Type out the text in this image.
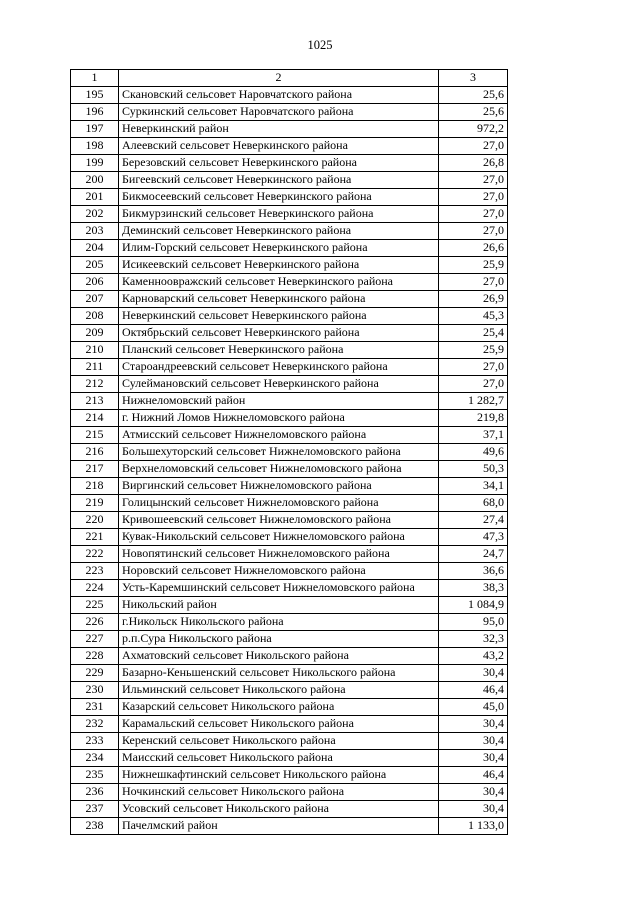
1025
1	2	3
195	Скановский сельсовет Наровчатского района	25,6
196	Суркинский сельсовет Наровчатского района	25,6
197	Неверкинский район	972,2
198	Алеевский сельсовет Неверкинского района	27,0
199	Березовский сельсовет Неверкинского района	26,8
200	Бигеевский сельсовет Неверкинского района	27,0
201	Бикмосеевский сельсовет Неверкинского района	27,0
202	Бикмурзинский сельсовет Неверкинского района	27,0
203	Деминский сельсовет Неверкинского района	27,0
204	Илим-Горский сельсовет Неверкинского района	26,6
205	Исикеевский сельсовет Неверкинского района	25,9
206	Каменноовражский сельсовет Неверкинского района	27,0
207	Карноварский сельсовет Неверкинского района	26,9
208	Неверкинский сельсовет Неверкинского района	45,3
209	Октябрьский сельсовет Неверкинского района	25,4
210	Планский сельсовет Неверкинского района	25,9
211	Староандреевский сельсовет Неверкинского района	27,0
212	Сулеймановский сельсовет Неверкинского района	27,0
213	Нижнеломовский район	1 282,7
214	г. Нижний Ломов Нижнеломовского района	219,8
215	Атмисский сельсовет Нижнеломовского района	37,1
216	Большехуторский сельсовет Нижнеломовского района	49,6
217	Верхнеломовский сельсовет Нижнеломовского района	50,3
218	Виргинский сельсовет Нижнеломовского района	34,1
219	Голицынский сельсовет Нижнеломовского района	68,0
220	Кривошеевский сельсовет Нижнеломовского района	27,4
221	Кувак-Никольский сельсовет Нижнеломовского района	47,3
222	Новопятинский сельсовет Нижнеломовского района	24,7
223	Норовский сельсовет Нижнеломовского района	36,6
224	Усть-Каремшинский сельсовет Нижнеломовского района	38,3
225	Никольский район	1 084,9
226	г.Никольск Никольского района	95,0
227	р.п.Сура Никольского района	32,3
228	Ахматовский сельсовет Никольского района	43,2
229	Базарно-Кеньшенский сельсовет Никольского района	30,4
230	Ильминский сельсовет Никольского района	46,4
231	Казарский сельсовет Никольского района	45,0
232	Карамальский сельсовет Никольского района	30,4
233	Керенский сельсовет Никольского района	30,4
234	Маисский сельсовет Никольского района	30,4
235	Нижнешкафтинский сельсовет Никольского района	46,4
236	Ночкинский сельсовет Никольского района	30,4
237	Усовский сельсовет Никольского района	30,4
238	Пачелмский район	1 133,0
